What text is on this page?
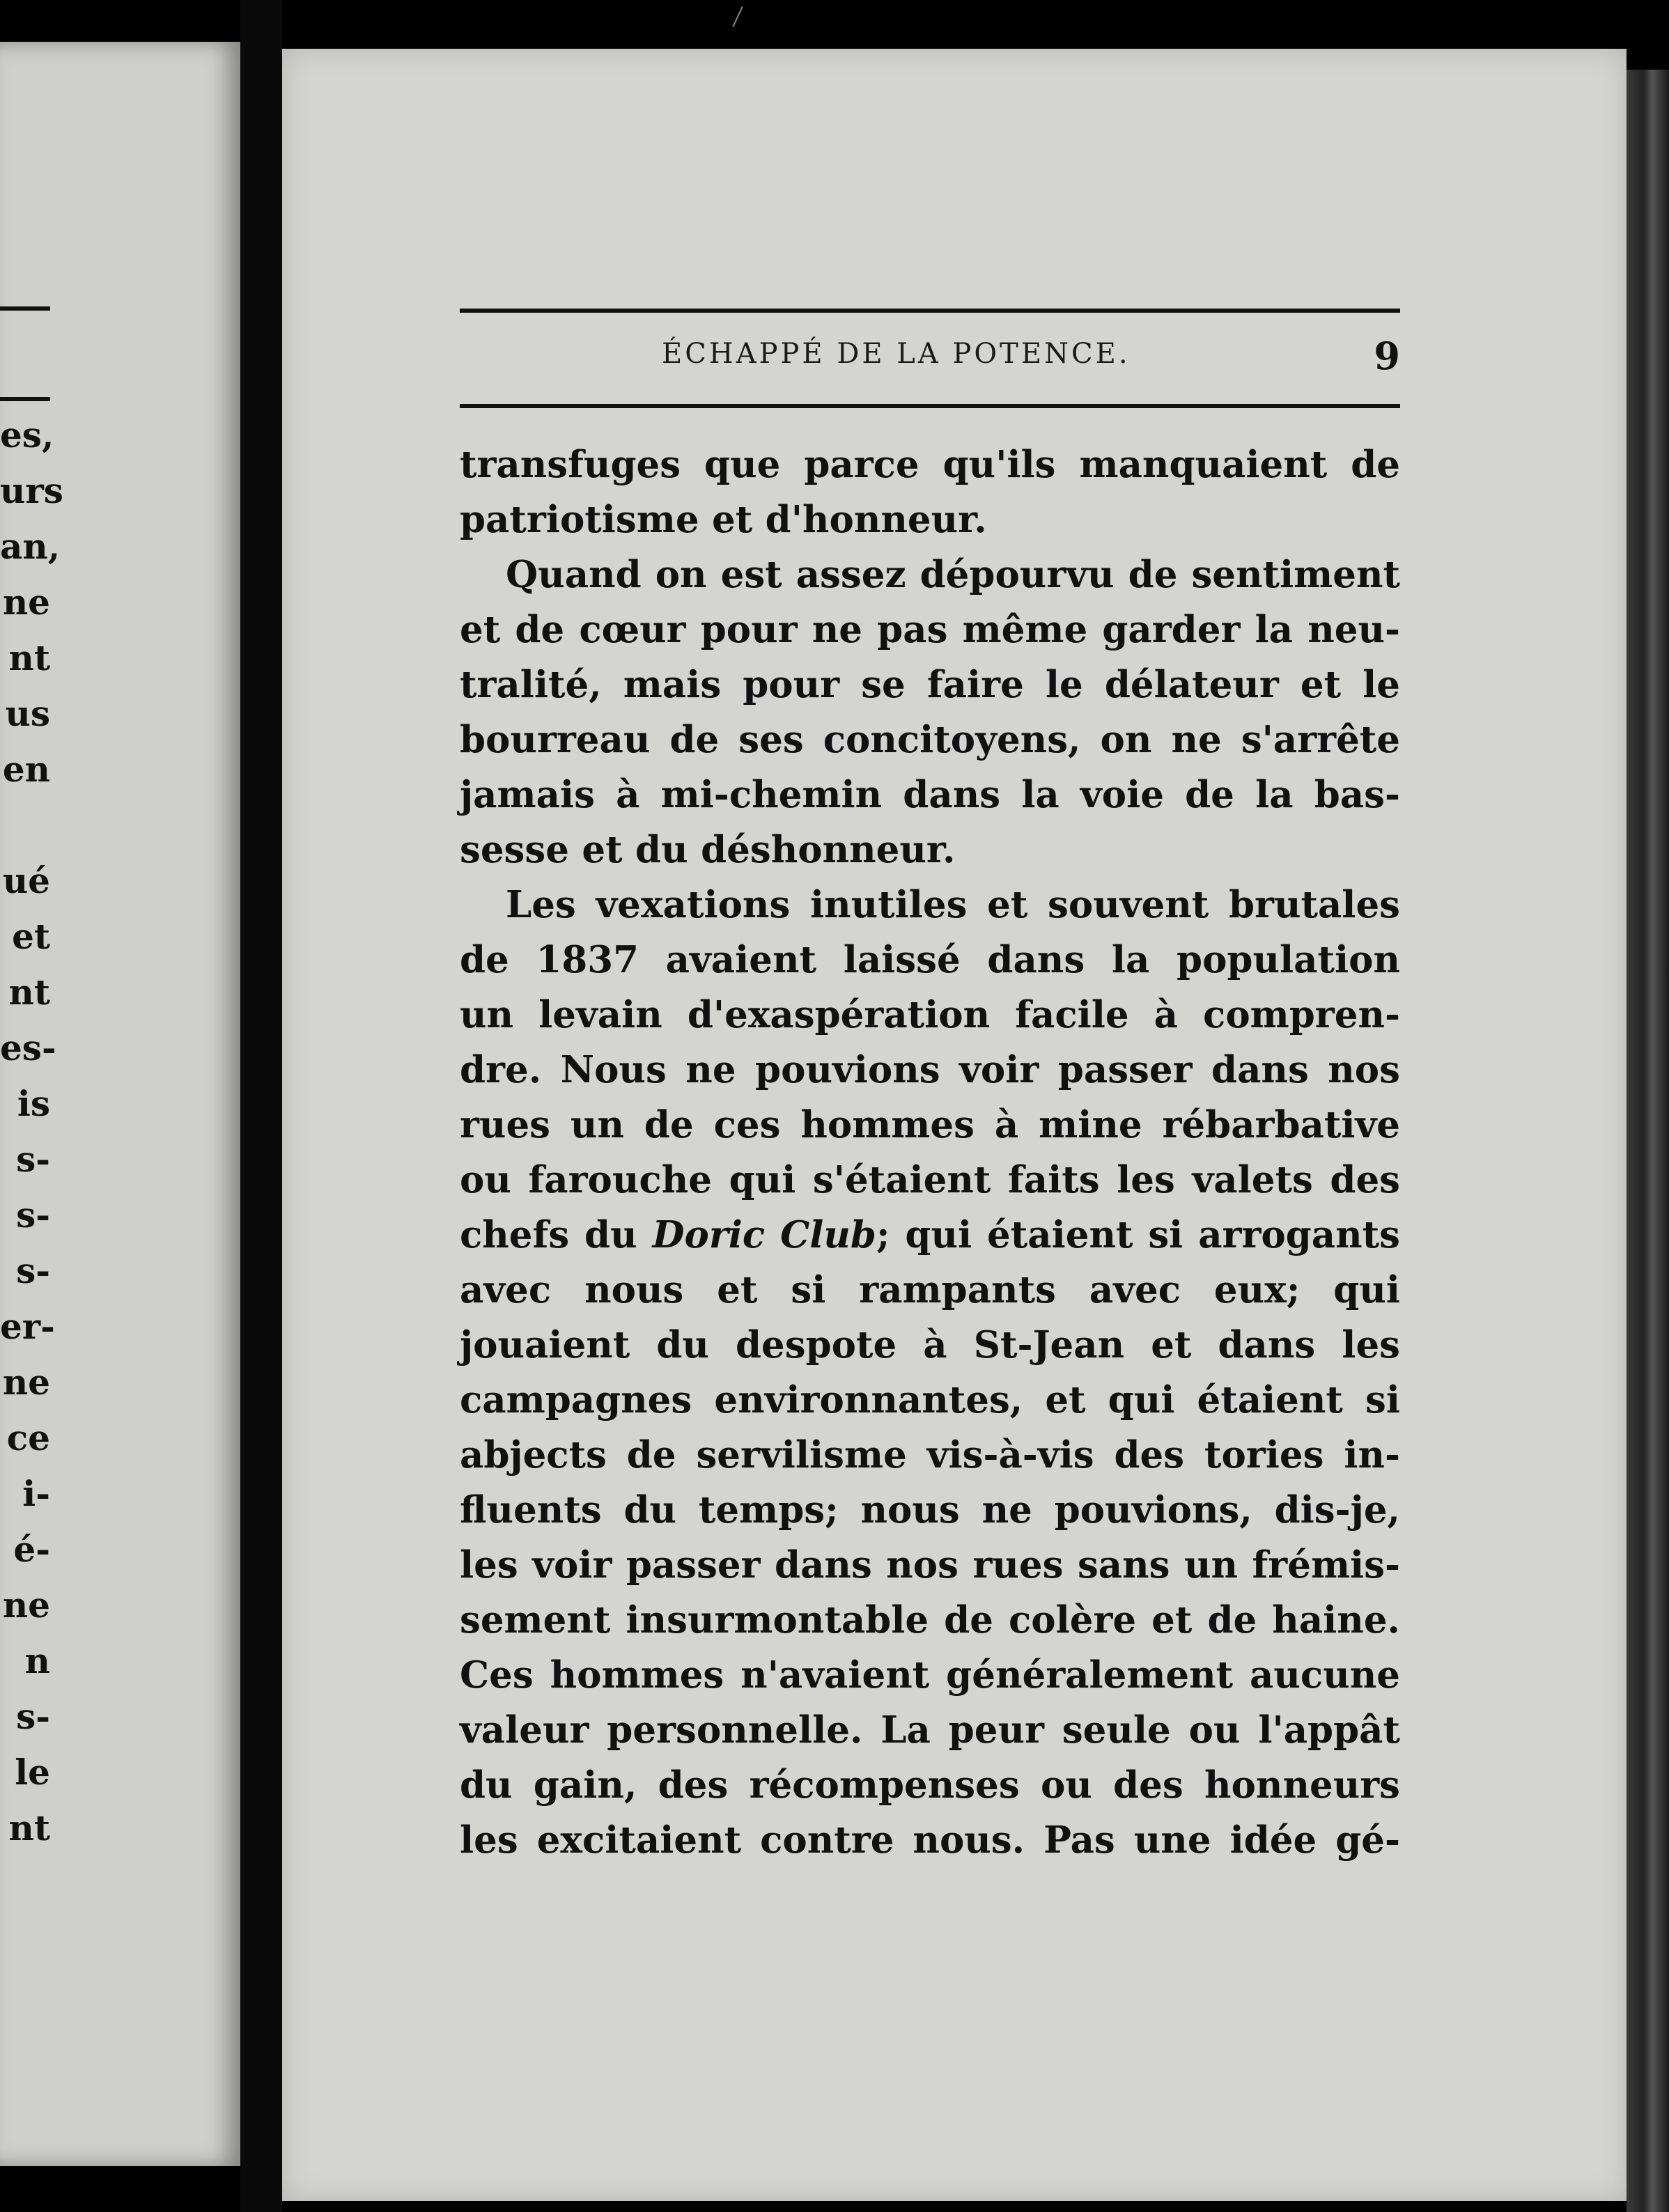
es,
urs
an,
ne
nt
us
en
ué
et
nt
es-
is
s-
s-
s-
er-
ne
ce
i-
é-
ne
n
s-
le
nt
ÉCHAPPÉ DE LA POTENCE.	9
transfuges que parce qu'ils manquaient de
patriotisme et d'honneur.
Quand on est assez dépourvu de sentiment
et de cœur pour ne pas même garder la neu-
tralité, mais pour se faire le délateur et le
bourreau de ses concitoyens, on ne s'arrête
jamais à mi-chemin dans la voie de la bas-
sesse et du déshonneur.
Les vexations inutiles et souvent brutales
de 1837 avaient laissé dans la population
un levain d'exaspération facile à compren-
dre. Nous ne pouvions voir passer dans nos
rues un de ces hommes à mine rébarbative
ou farouche qui s'étaient faits les valets des
chefs du Doric Club; qui étaient si arrogants
avec nous et si rampants avec eux; qui
jouaient du despote à St-Jean et dans les
campagnes environnantes, et qui étaient si
abjects de servilisme vis-à-vis des tories in-
fluents du temps; nous ne pouvions, dis-je,
les voir passer dans nos rues sans un frémis-
sement insurmontable de colère et de haine.
Ces hommes n'avaient généralement aucune
valeur personnelle. La peur seule ou l'appât
du gain, des récompenses ou des honneurs
les excitaient contre nous. Pas une idée gé-
